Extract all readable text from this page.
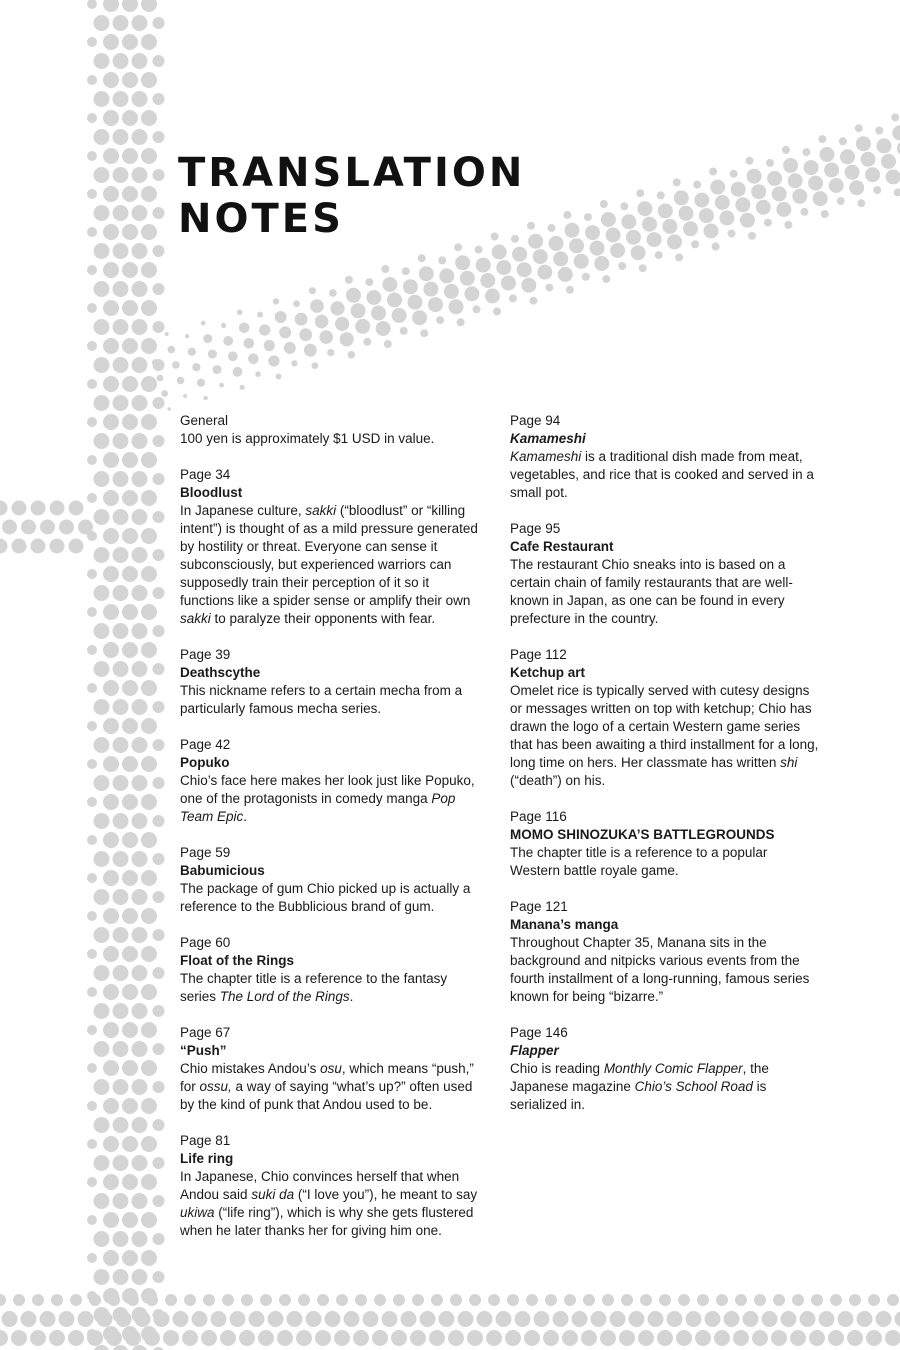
TRANSLATION
NOTES
General
100 yen is approximately $1 USD in value.
Page 34
Bloodlust
In Japanese culture, sakki (“bloodlust” or “killing intent”) is thought of as a mild pressure generated by hostility or threat. Everyone can sense it subconsciously, but experienced warriors can supposedly train their perception of it so it functions like a spider sense or amplify their own sakki to paralyze their opponents with fear.
Page 39
Deathscythe
This nickname refers to a certain mecha from a particularly famous mecha series.
Page 42
Popuko
Chio’s face here makes her look just like Popuko, one of the protagonists in comedy manga Pop Team Epic.
Page 59
Babumicious
The package of gum Chio picked up is actually a reference to the Bubblicious brand of gum.
Page 60
Float of the Rings
The chapter title is a reference to the fantasy series The Lord of the Rings.
Page 67
“Push”
Chio mistakes Andou’s osu, which means “push,” for ossu, a way of saying “what’s up?” often used by the kind of punk that Andou used to be.
Page 81
Life ring
In Japanese, Chio convinces herself that when Andou said suki da (“I love you”), he meant to say ukiwa (“life ring”), which is why she gets flustered when he later thanks her for giving him one.
Page 94
Kamameshi
Kamameshi is a traditional dish made from meat, vegetables, and rice that is cooked and served in a small pot.
Page 95
Cafe Restaurant
The restaurant Chio sneaks into is based on a certain chain of family restaurants that are well-known in Japan, as one can be found in every prefecture in the country.
Page 112
Ketchup art
Omelet rice is typically served with cutesy designs or messages written on top with ketchup; Chio has drawn the logo of a certain Western game series that has been awaiting a third installment for a long, long time on hers. Her classmate has written shi (“death”) on his.
Page 116
MOMO SHINOZUKA’S BATTLEGROUNDS
The chapter title is a reference to a popular Western battle royale game.
Page 121
Manana’s manga
Throughout Chapter 35, Manana sits in the background and nitpicks various events from the fourth installment of a long-running, famous series known for being “bizarre.”
Page 146
Flapper
Chio is reading Monthly Comic Flapper, the Japanese magazine Chio’s School Road is serialized in.
